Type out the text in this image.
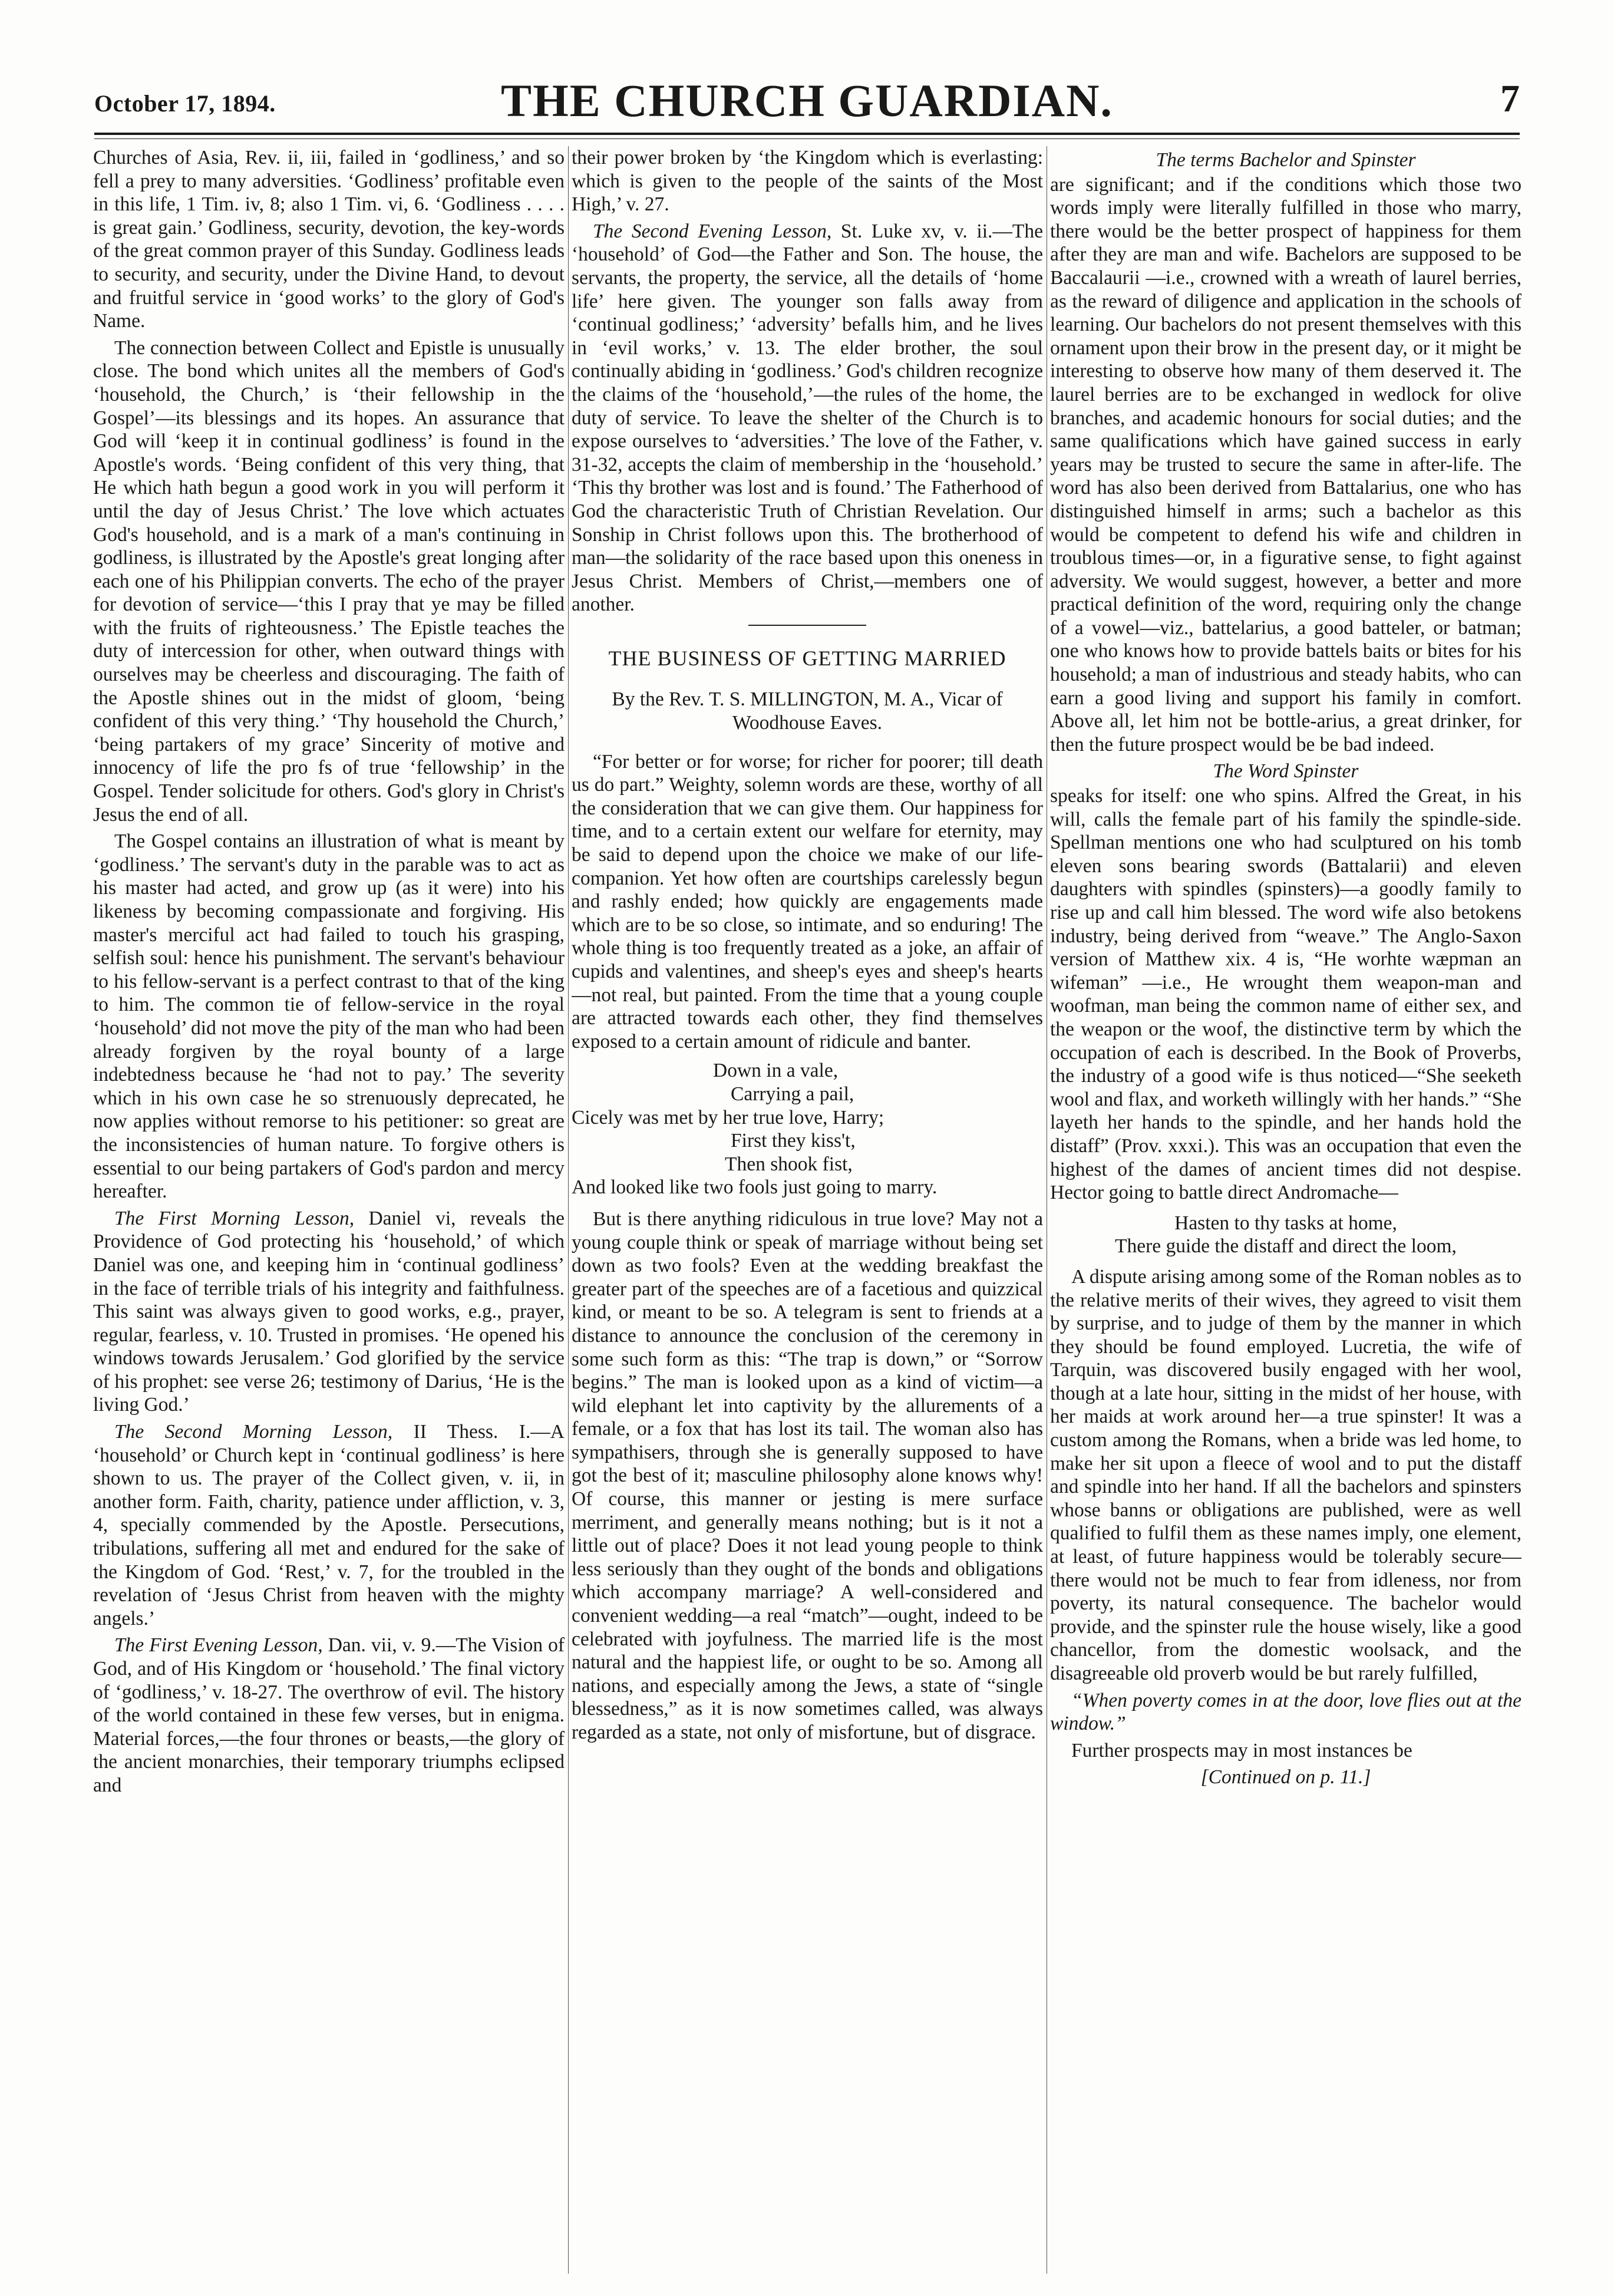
October 17, 1894.	THE CHURCH GUARDIAN.	7

Churches of Asia, Rev. ii, iii, failed in ‘godliness,’ and so fell a prey to many adversities. ‘Godliness’ profitable even in this life, 1 Tim. iv, 8; also 1 Tim. vi, 6. ‘Godliness . . . . is great gain.’ Godliness, security, devotion, the key-words of the great common prayer of this Sunday. Godliness leads to security, and security, under the Divine Hand, to devout and fruitful service in ‘good works’ to the glory of God's Name.

The connection between Collect and Epistle is unusually close. The bond which unites all the members of God's ‘household, the Church,’ is ‘their fellowship in the Gospel’—its blessings and its hopes. An assurance that God will ‘keep it in continual godliness’ is found in the Apostle's words. ‘Being confident of this very thing, that He which hath begun a good work in you will perform it until the day of Jesus Christ.’ The love which actuates God's household, and is a mark of a man's continuing in godliness, is illustrated by the Apostle's great longing after each one of his Philippian converts. The echo of the prayer for devotion of service—‘this I pray that ye may be filled with the fruits of righteousness.’ The Epistle teaches the duty of intercession for other, when outward things with ourselves may be cheerless and discouraging. The faith of the Apostle shines out in the midst of gloom, ‘being confident of this very thing.’ ‘Thy household the Church,’ ‘being partakers of my grace’ Sincerity of motive and innocency of life the pro fs of true ‘fellowship’ in the Gospel. Tender solicitude for others. God's glory in Christ's Jesus the end of all.

The Gospel contains an illustration of what is meant by ‘godliness.’ The servant's duty in the parable was to act as his master had acted, and grow up (as it were) into his likeness by becoming compassionate and forgiving. His master's merciful act had failed to touch his grasping, selfish soul: hence his punishment. The servant's behaviour to his fellow-servant is a perfect contrast to that of the king to him. The common tie of fellow-service in the royal ‘household’ did not move the pity of the man who had been already forgiven by the royal bounty of a large indebtedness because he ‘had not to pay.’ The severity which in his own case he so strenuously deprecated, he now applies without remorse to his petitioner: so great are the inconsistencies of human nature. To forgive others is essential to our being partakers of God's pardon and mercy hereafter.

The First Morning Lesson, Daniel vi, reveals the Providence of God protecting his ‘household,’ of which Daniel was one, and keeping him in ‘continual godliness’ in the face of terrible trials of his integrity and faithfulness. This saint was always given to good works, e.g., prayer, regular, fearless, v. 10. Trusted in promises. ‘He opened his windows towards Jerusalem.’ God glorified by the service of his prophet: see verse 26; testimony of Darius, ‘He is the living God.’

The Second Morning Lesson, II Thess. I.—A ‘household’ or Church kept in ‘continual godliness’ is here shown to us. The prayer of the Collect given, v. ii, in another form. Faith, charity, patience under affliction, v. 3, 4, specially commended by the Apostle. Persecutions, tribulations, suffering all met and endured for the sake of the Kingdom of God. ‘Rest,’ v. 7, for the troubled in the revelation of ‘Jesus Christ from heaven with the mighty angels.’

The First Evening Lesson, Dan. vii, v. 9.—The Vision of God, and of His Kingdom or ‘household.’ The final victory of ‘godliness,’ v. 18-27. The overthrow of evil. The history of the world contained in these few verses, but in enigma. Material forces,—the four thrones or beasts,—the glory of the ancient monarchies, their temporary triumphs eclipsed and

their power broken by ‘the Kingdom which is everlasting: which is given to the people of the saints of the Most High,’ v. 27.

The Second Evening Lesson, St. Luke xv, v. ii.—The ‘household’ of God—the Father and Son. The house, the servants, the property, the service, all the details of ‘home life’ here given. The younger son falls away from ‘continual godliness;’ ‘adversity’ befalls him, and he lives in ‘evil works,’ v. 13. The elder brother, the soul continually abiding in ‘godliness.’ God's children recognize the claims of the ‘household,’—the rules of the home, the duty of service. To leave the shelter of the Church is to expose ourselves to ‘adversities.’ The love of the Father, v. 31-32, accepts the claim of membership in the ‘household.’ ‘This thy brother was lost and is found.’ The Fatherhood of God the characteristic Truth of Christian Revelation. Our Sonship in Christ follows upon this. The brotherhood of man—the solidarity of the race based upon this oneness in Jesus Christ. Members of Christ,—members one of another.

THE BUSINESS OF GETTING MARRIED
By the Rev. T. S. MILLINGTON, M. A., Vicar of Woodhouse Eaves.

“For better or for worse; for richer for poorer; till death us do part.” Weighty, solemn words are these, worthy of all the consideration that we can give them. Our happiness for time, and to a certain extent our welfare for eternity, may be said to depend upon the choice we make of our life-companion. Yet how often are courtships carelessly begun and rashly ended; how quickly are engagements made which are to be so close, so intimate, and so enduring! The whole thing is too frequently treated as a joke, an affair of cupids and valentines, and sheep's eyes and sheep's hearts—not real, but painted. From the time that a young couple are attracted towards each other, they find themselves exposed to a certain amount of ridicule and banter.

Down in a vale,
Carrying a pail,
Cicely was met by her true love, Harry;
First they kiss't,
Then shook fist,
And looked like two fools just going to marry.

But is there anything ridiculous in true love? May not a young couple think or speak of marriage without being set down as two fools? Even at the wedding breakfast the greater part of the speeches are of a facetious and quizzical kind, or meant to be so. A telegram is sent to friends at a distance to announce the conclusion of the ceremony in some such form as this: “The trap is down,” or “Sorrow begins.” The man is looked upon as a kind of victim—a wild elephant let into captivity by the allurements of a female, or a fox that has lost its tail. The woman also has sympathisers, through she is generally supposed to have got the best of it; masculine philosophy alone knows why! Of course, this manner or jesting is mere surface merriment, and generally means nothing; but is it not a little out of place? Does it not lead young people to think less seriously than they ought of the bonds and obligations which accompany marriage? A well-considered and convenient wedding—a real “match”—ought, indeed to be celebrated with joyfulness. The married life is the most natural and the happiest life, or ought to be so. Among all nations, and especially among the Jews, a state of “single blessedness,” as it is now sometimes called, was always regarded as a state, not only of misfortune, but of disgrace.

The terms Bachelor and Spinster

are significant; and if the conditions which those two words imply were literally fulfilled in those who marry, there would be the better prospect of happiness for them after they are man and wife. Bachelors are supposed to be Baccalaurii —i.e., crowned with a wreath of laurel berries, as the reward of diligence and application in the schools of learning. Our bachelors do not present themselves with this ornament upon their brow in the present day, or it might be interesting to observe how many of them deserved it. The laurel berries are to be exchanged in wedlock for olive branches, and academic honours for social duties; and the same qualifications which have gained success in early years may be trusted to secure the same in after-life. The word has also been derived from Battalarius, one who has distinguished himself in arms; such a bachelor as this would be competent to defend his wife and children in troublous times—or, in a figurative sense, to fight against adversity. We would suggest, however, a better and more practical definition of the word, requiring only the change of a vowel—viz., battelarius, a good batteler, or batman; one who knows how to provide battels baits or bites for his household; a man of industrious and steady habits, who can earn a good living and support his family in comfort. Above all, let him not be bottle-arius, a great drinker, for then the future prospect would be be bad indeed.

The Word Spinster

speaks for itself: one who spins. Alfred the Great, in his will, calls the female part of his family the spindle-side. Spellman mentions one who had sculptured on his tomb eleven sons bearing swords (Battalarii) and eleven daughters with spindles (spinsters)—a goodly family to rise up and call him blessed. The word wife also betokens industry, being derived from “weave.” The Anglo-Saxon version of Matthew xix. 4 is, “He worhte wæpman an wifeman” —i.e., He wrought them weapon-man and woofman, man being the common name of either sex, and the weapon or the woof, the distinctive term by which the occupation of each is described. In the Book of Proverbs, the industry of a good wife is thus noticed—“She seeketh wool and flax, and worketh willingly with her hands.” “She layeth her hands to the spindle, and her hands hold the distaff” (Prov. xxxi.). This was an occupation that even the highest of the dames of ancient times did not despise. Hector going to battle direct Andromache—

Hasten to thy tasks at home,
There guide the distaff and direct the loom,

A dispute arising among some of the Roman nobles as to the relative merits of their wives, they agreed to visit them by surprise, and to judge of them by the manner in which they should be found employed. Lucretia, the wife of Tarquin, was discovered busily engaged with her wool, though at a late hour, sitting in the midst of her house, with her maids at work around her—a true spinster! It was a custom among the Romans, when a bride was led home, to make her sit upon a fleece of wool and to put the distaff and spindle into her hand. If all the bachelors and spinsters whose banns or obligations are published, were as well qualified to fulfil them as these names imply, one element, at least, of future happiness would be tolerably secure—there would not be much to fear from idleness, nor from poverty, its natural consequence. The bachelor would provide, and the spinster rule the house wisely, like a good chancellor, from the domestic woolsack, and the disagreeable old proverb would be but rarely fulfilled,

“When poverty comes in at the door, love flies out at the window.”

Further prospects may in most instances be

[Continued on p. 11.]
